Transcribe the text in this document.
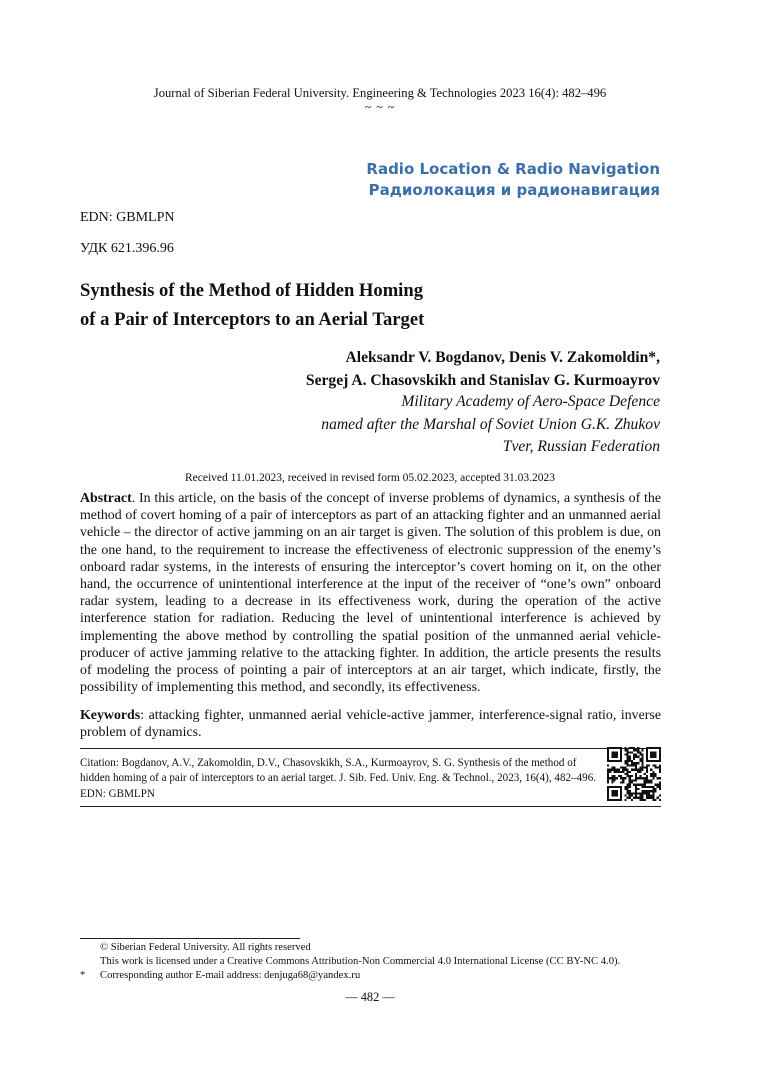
Journal of Siberian Federal University. Engineering & Technologies 2023 16(4): 482–496
~ ~ ~
Radio Location & Radio Navigation
Радиолокация и радионавигация
EDN: GBMLPN
УДК 621.396.96
Synthesis of the Method of Hidden Homing
of a Pair of Interceptors to an Aerial Target
Aleksandr V. Bogdanov, Denis V. Zakomoldin*,
Sergej A. Chasovskikh and Stanislav G. Kurmoayrov
Military Academy of Aero-Space Defence
named after the Marshal of Soviet Union G.K. Zhukov
Tver, Russian Federation
Received 11.01.2023, received in revised form 05.02.2023, accepted 31.03.2023
Abstract. In this article, on the basis of the concept of inverse problems of dynamics, a synthesis of the method of covert homing of a pair of interceptors as part of an attacking fighter and an unmanned aerial vehicle – the director of active jamming on an air target is given. The solution of this problem is due, on the one hand, to the requirement to increase the effectiveness of electronic suppression of the enemy’s onboard radar systems, in the interests of ensuring the interceptor’s covert homing on it, on the other hand, the occurrence of unintentional interference at the input of the receiver of “one’s own” onboard radar system, leading to a decrease in its effectiveness work, during the operation of the active interference station for radiation. Reducing the level of unintentional interference is achieved by implementing the above method by controlling the spatial position of the unmanned aerial vehicle-producer of active jamming relative to the attacking fighter. In addition, the article presents the results of modeling the process of pointing a pair of interceptors at an air target, which indicate, firstly, the possibility of implementing this method, and secondly, its effectiveness.
Keywords: attacking fighter, unmanned aerial vehicle-active jammer, interference-signal ratio, inverse problem of dynamics.
Citation: Bogdanov, A.V., Zakomoldin, D.V., Chasovskikh, S.A., Kurmoayrov, S. G. Synthesis of the method of hidden homing of a pair of interceptors to an aerial target. J. Sib. Fed. Univ. Eng. & Technol., 2023, 16(4), 482–496. EDN: GBMLPN
© Siberian Federal University. All rights reserved
This work is licensed under a Creative Commons Attribution-Non Commercial 4.0 International License (CC BY-NC 4.0).
* Corresponding author E-mail address: denjuga68@yandex.ru
— 482 —
